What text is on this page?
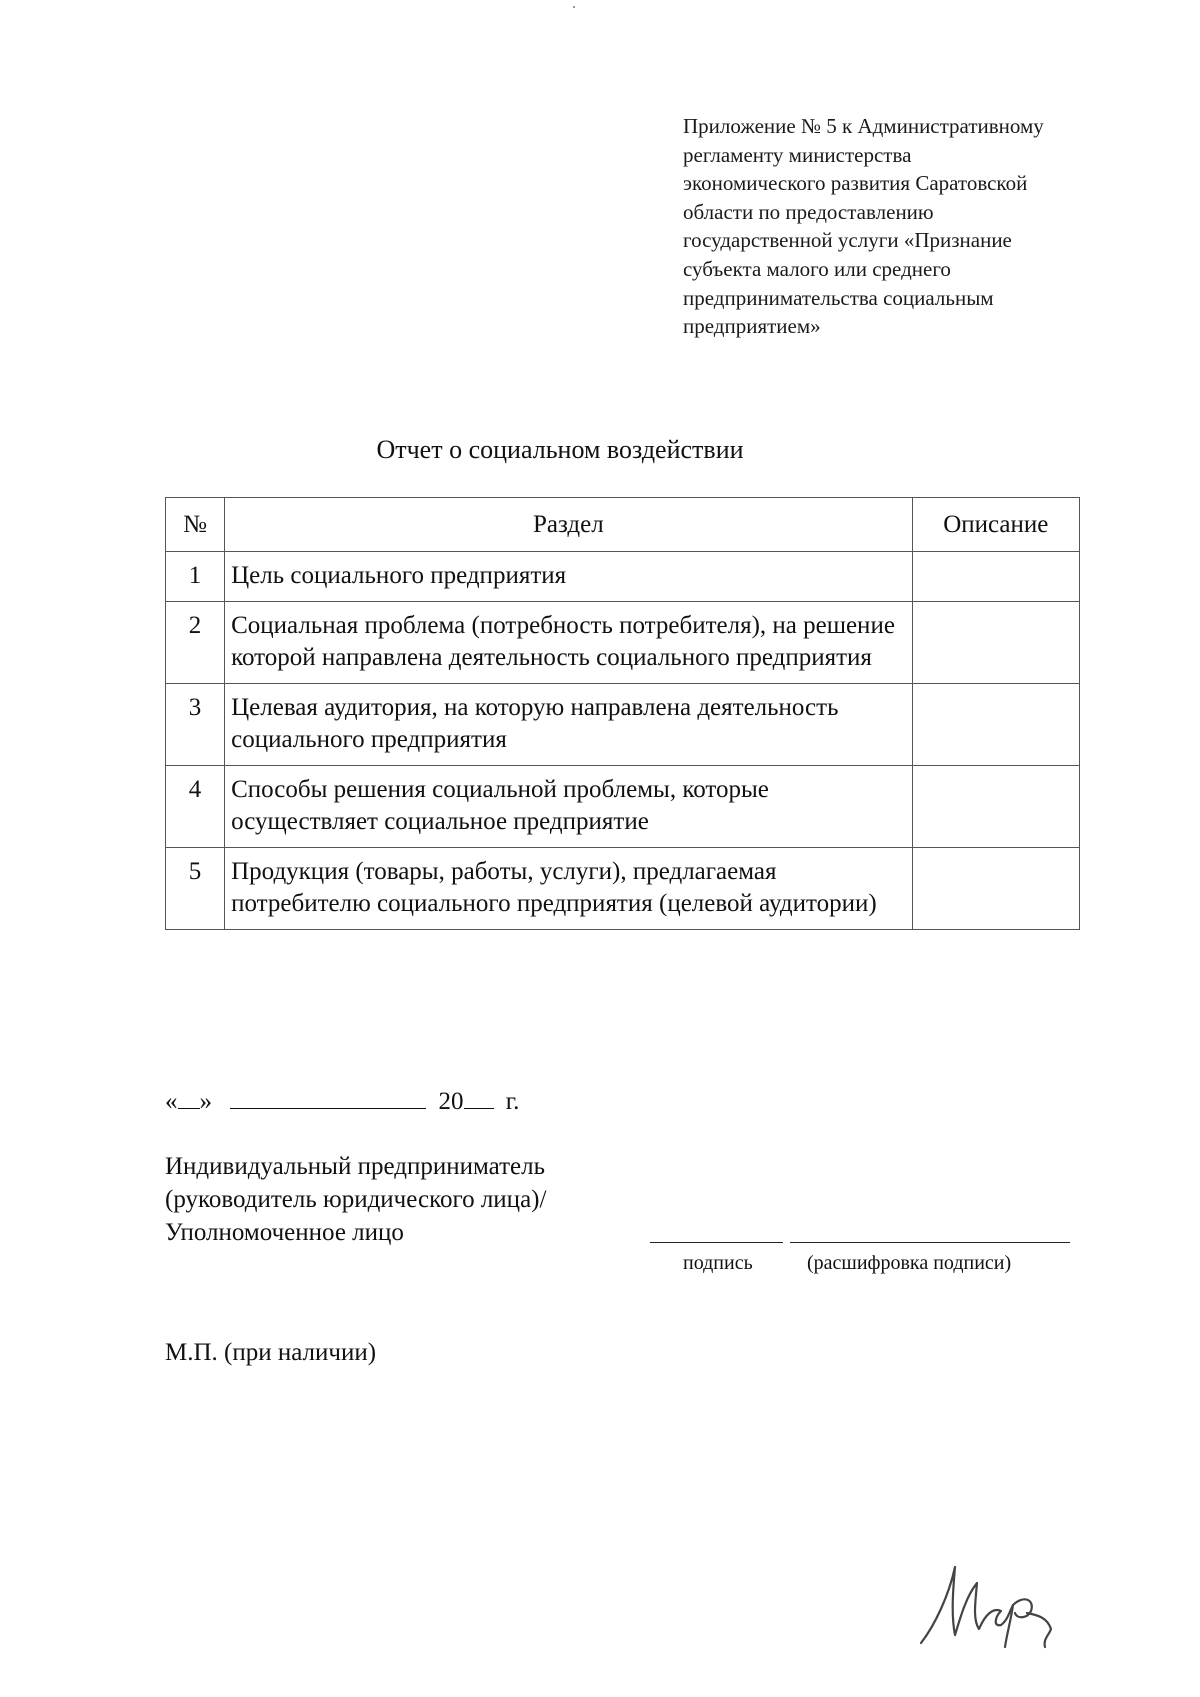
Приложение № 5 к Административному
регламенту министерства
экономического развития Саратовской
области по предоставлению
государственной услуги «Признание
субъекта малого или среднего
предпринимательства социальным
предприятием»
Отчет о социальном воздействии
№	Раздел	Описание
1	Цель социального предприятия	
2	Социальная проблема (потребность потребителя), на решение которой направлена деятельность социального предприятия	
3	Целевая аудитория, на которую направлена деятельность социального предприятия	
4	Способы решения социальной проблемы, которые осуществляет социальное предприятие	
5	Продукция (товары, работы, услуги), предлагаемая потребителю социального предприятия (целевой аудитории)	
« »	20 г.
Индивидуальный предприниматель
(руководитель юридического лица)/
Уполномоченное лицо
подпись	(расшифровка подписи)
М.П. (при наличии)
